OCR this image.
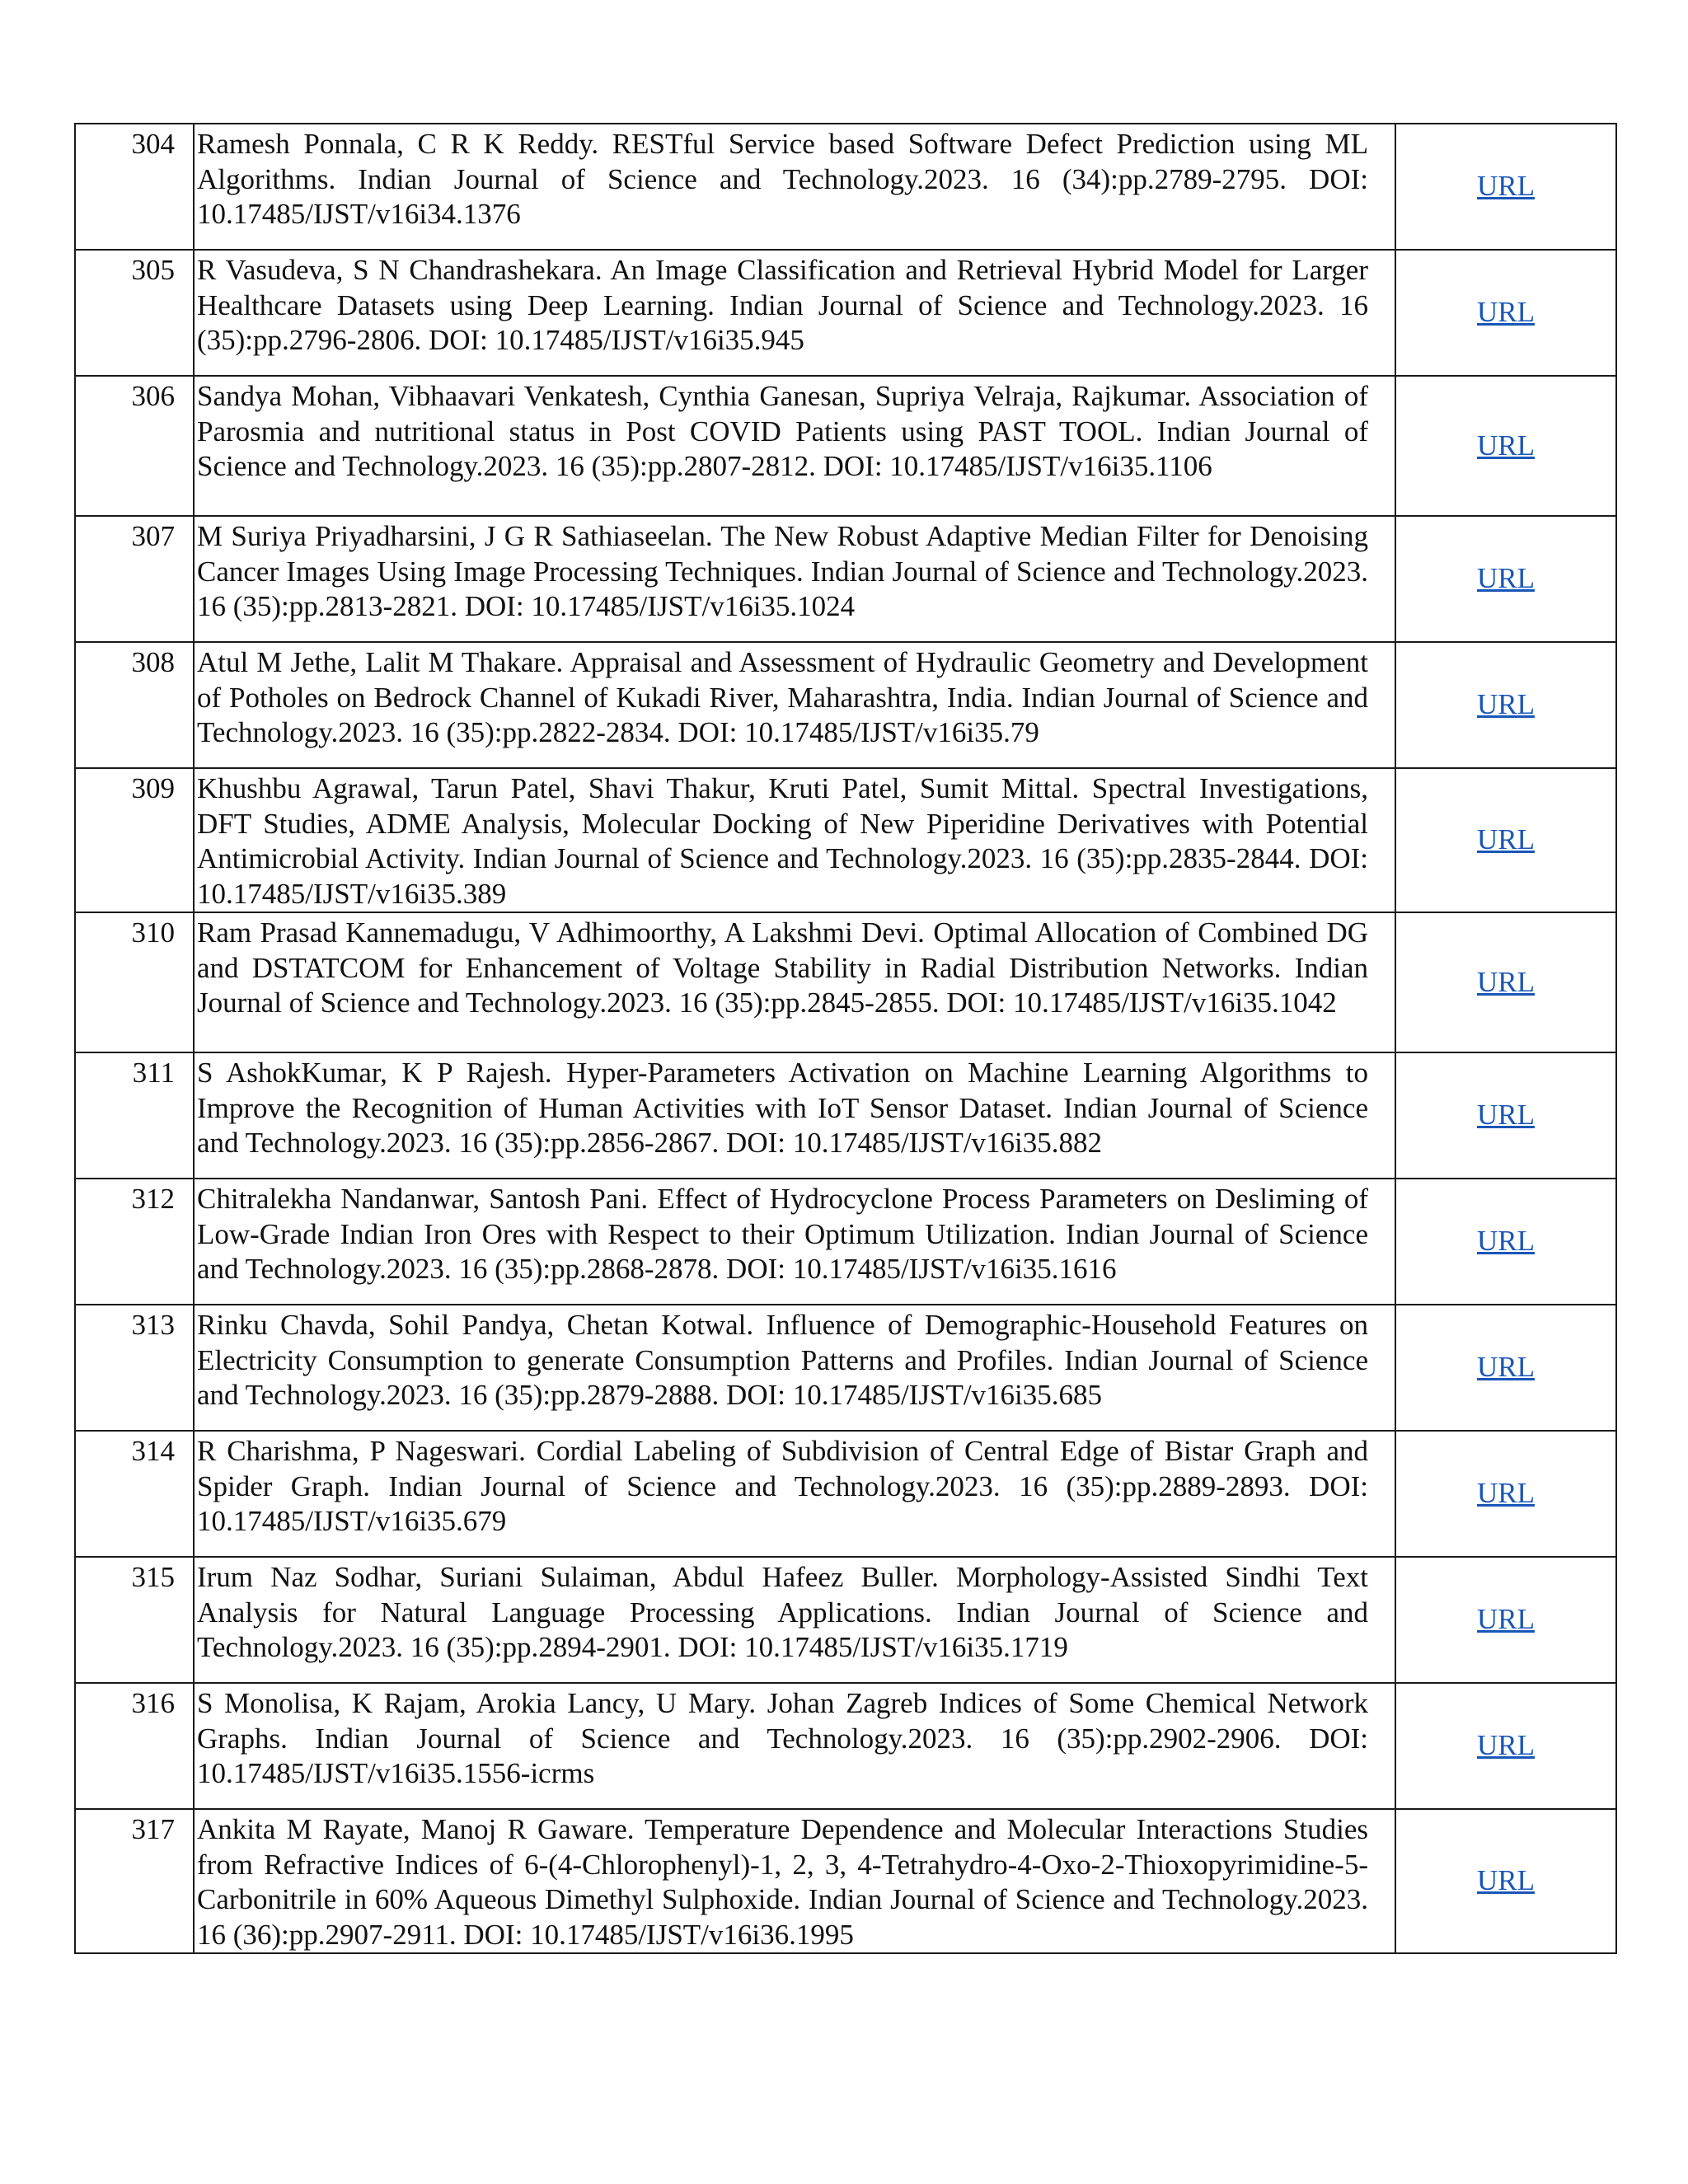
304	Ramesh Ponnala, C R K Reddy. RESTful Service based Software Defect Prediction using ML Algorithms. Indian Journal of Science and Technology.2023. 16 (34):pp.2789-2795. DOI: 10.17485/IJST/v16i34.1376	URL
305	R Vasudeva, S N Chandrashekara. An Image Classification and Retrieval Hybrid Model for Larger Healthcare Datasets using Deep Learning. Indian Journal of Science and Technology.2023. 16 (35):pp.2796-2806. DOI: 10.17485/IJST/v16i35.945	URL
306	Sandya Mohan, Vibhaavari Venkatesh, Cynthia Ganesan, Supriya Velraja, Rajkumar. Association of Parosmia and nutritional status in Post COVID Patients using PAST TOOL. Indian Journal of Science and Technology.2023. 16 (35):pp.2807-2812. DOI: 10.17485/IJST/v16i35.1106	URL
307	M Suriya Priyadharsini, J G R Sathiaseelan. The New Robust Adaptive Median Filter for Denoising Cancer Images Using Image Processing Techniques. Indian Journal of Science and Technology.2023. 16 (35):pp.2813-2821. DOI: 10.17485/IJST/v16i35.1024	URL
308	Atul M Jethe, Lalit M Thakare. Appraisal and Assessment of Hydraulic Geometry and Development of Potholes on Bedrock Channel of Kukadi River, Maharashtra, India. Indian Journal of Science and Technology.2023. 16 (35):pp.2822-2834. DOI: 10.17485/IJST/v16i35.79	URL
309	Khushbu Agrawal, Tarun Patel, Shavi Thakur, Kruti Patel, Sumit Mittal. Spectral Investigations, DFT Studies, ADME Analysis, Molecular Docking of New Piperidine Derivatives with Potential Antimicrobial Activity. Indian Journal of Science and Technology.2023. 16 (35):pp.2835-2844. DOI: 10.17485/IJST/v16i35.389	URL
310	Ram Prasad Kannemadugu, V Adhimoorthy, A Lakshmi Devi. Optimal Allocation of Combined DG and DSTATCOM for Enhancement of Voltage Stability in Radial Distribution Networks. Indian Journal of Science and Technology.2023. 16 (35):pp.2845-2855. DOI: 10.17485/IJST/v16i35.1042	URL
311	S AshokKumar, K P Rajesh. Hyper-Parameters Activation on Machine Learning Algorithms to Improve the Recognition of Human Activities with IoT Sensor Dataset. Indian Journal of Science and Technology.2023. 16 (35):pp.2856-2867. DOI: 10.17485/IJST/v16i35.882	URL
312	Chitralekha Nandanwar, Santosh Pani. Effect of Hydrocyclone Process Parameters on Desliming of Low-Grade Indian Iron Ores with Respect to their Optimum Utilization. Indian Journal of Science and Technology.2023. 16 (35):pp.2868-2878. DOI: 10.17485/IJST/v16i35.1616	URL
313	Rinku Chavda, Sohil Pandya, Chetan Kotwal. Influence of Demographic-Household Features on Electricity Consumption to generate Consumption Patterns and Profiles. Indian Journal of Science and Technology.2023. 16 (35):pp.2879-2888. DOI: 10.17485/IJST/v16i35.685	URL
314	R Charishma, P Nageswari. Cordial Labeling of Subdivision of Central Edge of Bistar Graph and Spider Graph. Indian Journal of Science and Technology.2023. 16 (35):pp.2889-2893. DOI: 10.17485/IJST/v16i35.679	URL
315	Irum Naz Sodhar, Suriani Sulaiman, Abdul Hafeez Buller. Morphology-Assisted Sindhi Text Analysis for Natural Language Processing Applications. Indian Journal of Science and Technology.2023. 16 (35):pp.2894-2901. DOI: 10.17485/IJST/v16i35.1719	URL
316	S Monolisa, K Rajam, Arokia Lancy, U Mary. Johan Zagreb Indices of Some Chemical Network Graphs. Indian Journal of Science and Technology.2023. 16 (35):pp.2902-2906. DOI: 10.17485/IJST/v16i35.1556-icrms	URL
317	Ankita M Rayate, Manoj R Gaware. Temperature Dependence and Molecular Interactions Studies from Refractive Indices of 6-(4-Chlorophenyl)-1, 2, 3, 4-Tetrahydro-4-Oxo-2-Thioxopyrimidine-5-Carbonitrile in 60% Aqueous Dimethyl Sulphoxide. Indian Journal of Science and Technology.2023. 16 (36):pp.2907-2911. DOI: 10.17485/IJST/v16i36.1995	URL
